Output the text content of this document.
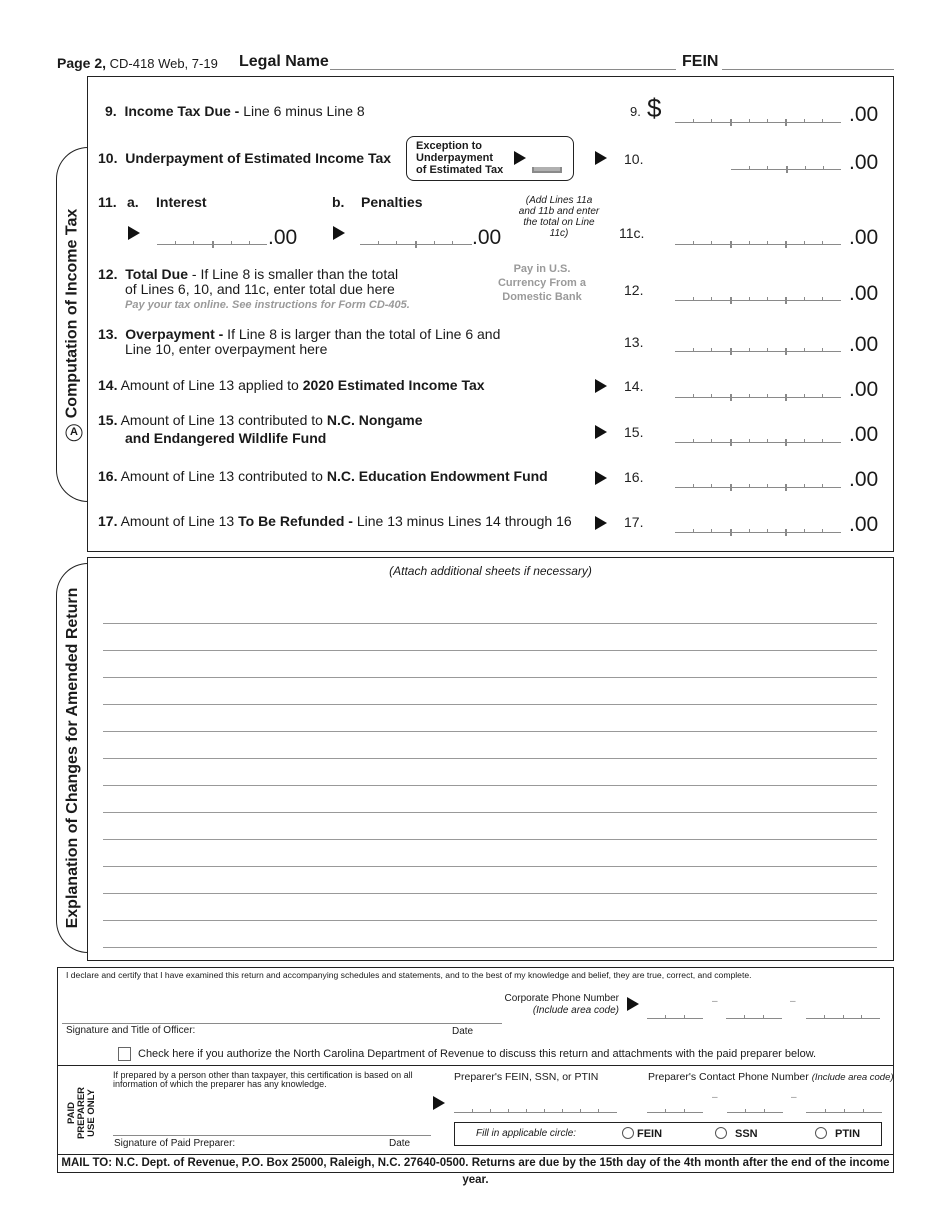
Page 2, CD-418 Web, 7-19 Legal Name	FEIN
AComputation of Income Tax
9. Income Tax Due - Line 6 minus Line 8	9. $	.00
10. Underpayment of Estimated Income Tax
Exception to
Underpayment
of Estimated Tax
10.	.00
11. a. Interest	b. Penalties
.00	.00
(Add Lines 11a and 11b and enter the total on Line 11c)	11c.	.00
12. Total Due - If Line 8 is smaller than the total
of Lines 6, 10, and 11c, enter total due here
Pay your tax online. See instructions for Form CD-405.
Pay in U.S. Currency From a Domestic Bank	12.	.00
13. Overpayment - If Line 8 is larger than the total of Line 6 and
Line 10, enter overpayment here	13.	.00
14. Amount of Line 13 applied to 2020 Estimated Income Tax	14.	.00
15. Amount of Line 13 contributed to N.C. Nongame
and Endangered Wildlife Fund	15.	.00
16. Amount of Line 13 contributed to N.C. Education Endowment Fund	16.	.00
17. Amount of Line 13 To Be Refunded - Line 13 minus Lines 14 through 16	17.	.00
Explanation of Changes for Amended Return
(Attach additional sheets if necessary)
I declare and certify that I have examined this return and accompanying schedules and statements, and to the best of my knowledge and belief, they are true, correct, and complete.
Corporate Phone Number
(Include area code)
–	–
Signature and Title of Officer:	Date
Check here if you authorize the North Carolina Department of Revenue to discuss this return and attachments with the paid preparer below.
PAID PREPARER USE ONLY
If prepared by a person other than taxpayer, this certification is based on all information of which the preparer has any knowledge.
Signature of Paid Preparer:	Date
Preparer's FEIN, SSN, or PTIN	Preparer's Contact Phone Number (Include area code)
–	–
Fill in applicable circle:	FEIN	SSN	PTIN
MAIL TO: N.C. Dept. of Revenue, P.O. Box 25000, Raleigh, N.C. 27640-0500. Returns are due by the 15th day of the 4th month after the end of the income year.
